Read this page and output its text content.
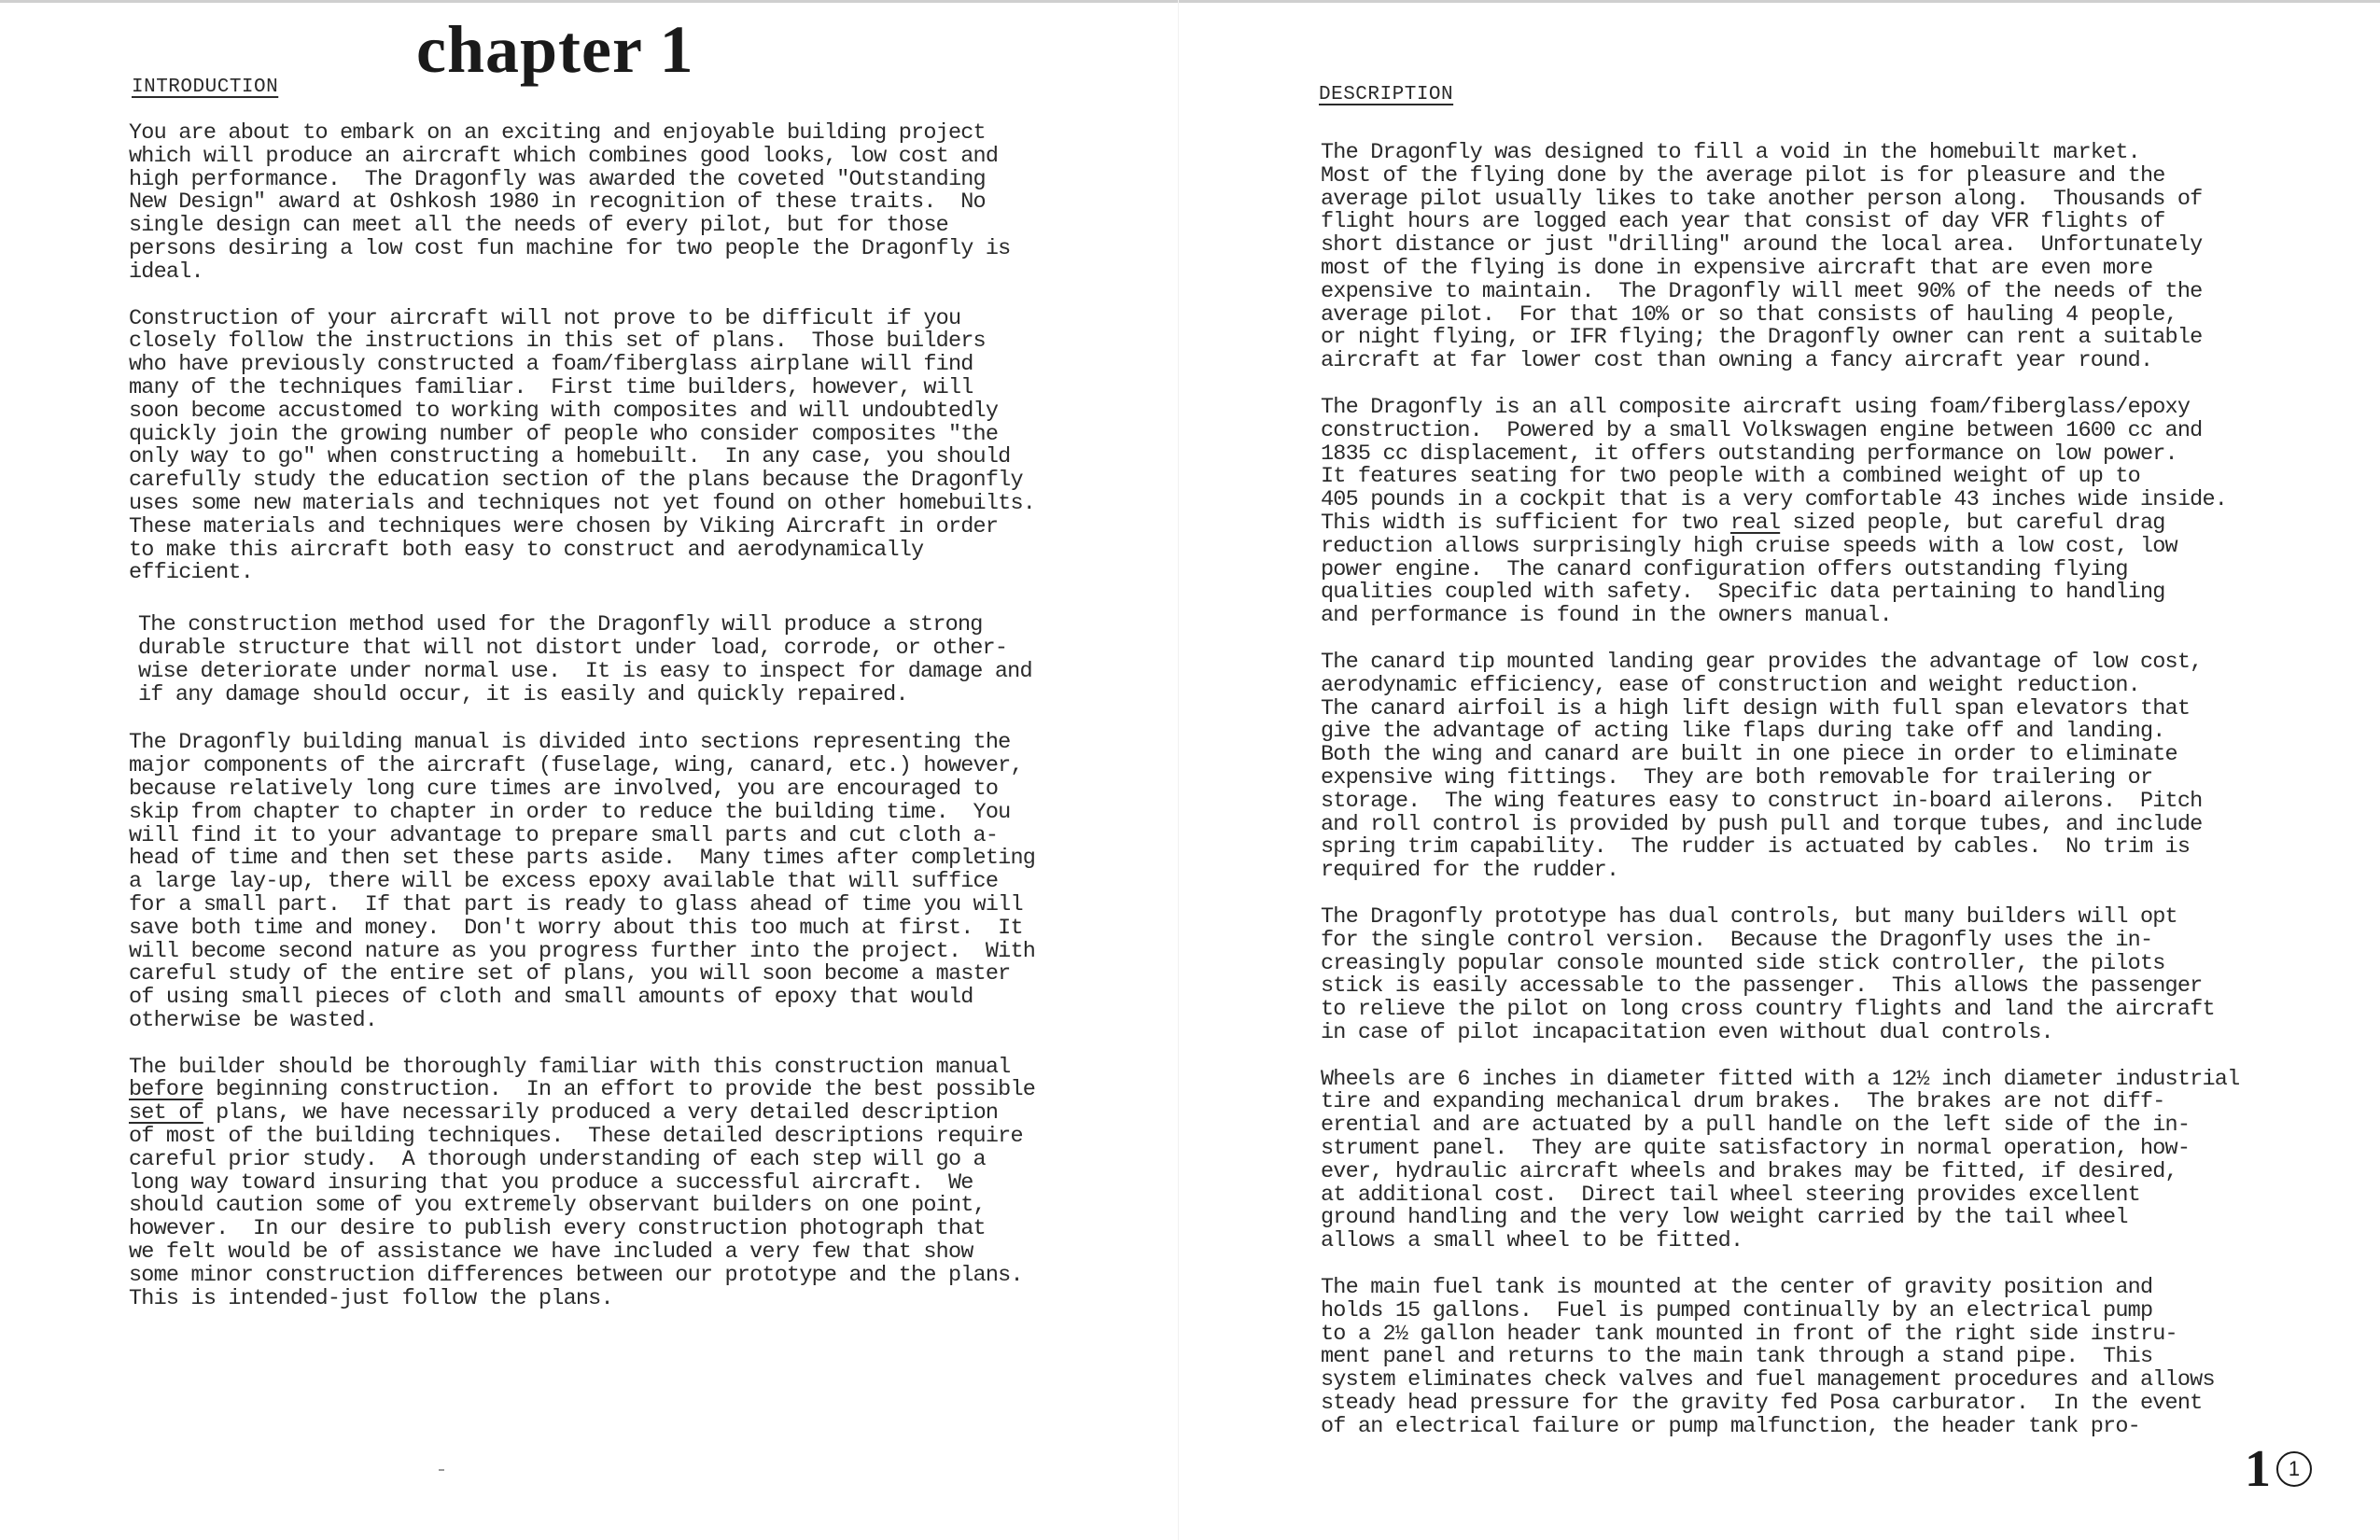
chapter 1
INTRODUCTION

You are about to embark on an exciting and enjoyable building project
which will produce an aircraft which combines good looks, low cost and
high performance.  The Dragonfly was awarded the coveted "Outstanding
New Design" award at Oshkosh 1980 in recognition of these traits.  No
single design can meet all the needs of every pilot, but for those
persons desiring a low cost fun machine for two people the Dragonfly is
ideal.

Construction of your aircraft will not prove to be difficult if you
closely follow the instructions in this set of plans.  Those builders
who have previously constructed a foam/fiberglass airplane will find
many of the techniques familiar.  First time builders, however, will
soon become accustomed to working with composites and will undoubtedly
quickly join the growing number of people who consider composites "the
only way to go" when constructing a homebuilt.  In any case, you should
carefully study the education section of the plans because the Dragonfly
uses some new materials and techniques not yet found on other homebuilts.
These materials and techniques were chosen by Viking Aircraft in order
to make this aircraft both easy to construct and aerodynamically
efficient.

The construction method used for the Dragonfly will produce a strong
durable structure that will not distort under load, corrode, or other-
wise deteriorate under normal use.  It is easy to inspect for damage and
if any damage should occur, it is easily and quickly repaired.

The Dragonfly building manual is divided into sections representing the
major components of the aircraft (fuselage, wing, canard, etc.) however,
because relatively long cure times are involved, you are encouraged to
skip from chapter to chapter in order to reduce the building time.  You
will find it to your advantage to prepare small parts and cut cloth a-
head of time and then set these parts aside.  Many times after completing
a large lay-up, there will be excess epoxy available that will suffice
for a small part.  If that part is ready to glass ahead of time you will
save both time and money.  Don't worry about this too much at first.  It
will become second nature as you progress further into the project.  With
careful study of the entire set of plans, you will soon become a master
of using small pieces of cloth and small amounts of epoxy that would
otherwise be wasted.

The builder should be thoroughly familiar with this construction manual
before beginning construction.  In an effort to provide the best possible
set of plans, we have necessarily produced a very detailed description
of most of the building techniques.  These detailed descriptions require
careful prior study.  A thorough understanding of each step will go a
long way toward insuring that you produce a successful aircraft.  We
should caution some of you extremely observant builders on one point,
however.  In our desire to publish every construction photograph that
we felt would be of assistance we have included a very few that show
some minor construction differences between our prototype and the plans.
This is intended-just follow the plans.

DESCRIPTION

The Dragonfly was designed to fill a void in the homebuilt market.
Most of the flying done by the average pilot is for pleasure and the
average pilot usually likes to take another person along.  Thousands of
flight hours are logged each year that consist of day VFR flights of
short distance or just "drilling" around the local area.  Unfortunately
most of the flying is done in expensive aircraft that are even more
expensive to maintain.  The Dragonfly will meet 90% of the needs of the
average pilot.  For that 10% or so that consists of hauling 4 people,
or night flying, or IFR flying; the Dragonfly owner can rent a suitable
aircraft at far lower cost than owning a fancy aircraft year round.

The Dragonfly is an all composite aircraft using foam/fiberglass/epoxy
construction.  Powered by a small Volkswagen engine between 1600 cc and
1835 cc displacement, it offers outstanding performance on low power.
It features seating for two people with a combined weight of up to
405 pounds in a cockpit that is a very comfortable 43 inches wide inside.
This width is sufficient for two real sized people, but careful drag
reduction allows surprisingly high cruise speeds with a low cost, low
power engine.  The canard configuration offers outstanding flying
qualities coupled with safety.  Specific data pertaining to handling
and performance is found in the owners manual.

The canard tip mounted landing gear provides the advantage of low cost,
aerodynamic efficiency, ease of construction and weight reduction.
The canard airfoil is a high lift design with full span elevators that
give the advantage of acting like flaps during take off and landing.
Both the wing and canard are built in one piece in order to eliminate
expensive wing fittings.  They are both removable for trailering or
storage.  The wing features easy to construct in-board ailerons.  Pitch
and roll control is provided by push pull and torque tubes, and include
spring trim capability.  The rudder is actuated by cables.  No trim is
required for the rudder.

The Dragonfly prototype has dual controls, but many builders will opt
for the single control version.  Because the Dragonfly uses the in-
creasingly popular console mounted side stick controller, the pilots
stick is easily accessable to the passenger.  This allows the passenger
to relieve the pilot on long cross country flights and land the aircraft
in case of pilot incapacitation even without dual controls.

Wheels are 6 inches in diameter fitted with a 12½ inch diameter industrial
tire and expanding mechanical drum brakes.  The brakes are not diff-
erential and are actuated by a pull handle on the left side of the in-
strument panel.  They are quite satisfactory in normal operation, how-
ever, hydraulic aircraft wheels and brakes may be fitted, if desired,
at additional cost.  Direct tail wheel steering provides excellent
ground handling and the very low weight carried by the tail wheel
allows a small wheel to be fitted.

The main fuel tank is mounted at the center of gravity position and
holds 15 gallons.  Fuel is pumped continually by an electrical pump
to a 2½ gallon header tank mounted in front of the right side instru-
ment panel and returns to the main tank through a stand pipe.  This
system eliminates check valves and fuel management procedures and allows
steady head pressure for the gravity fed Posa carburator.  In the event
of an electrical failure or pump malfunction, the header tank pro-

1 1
